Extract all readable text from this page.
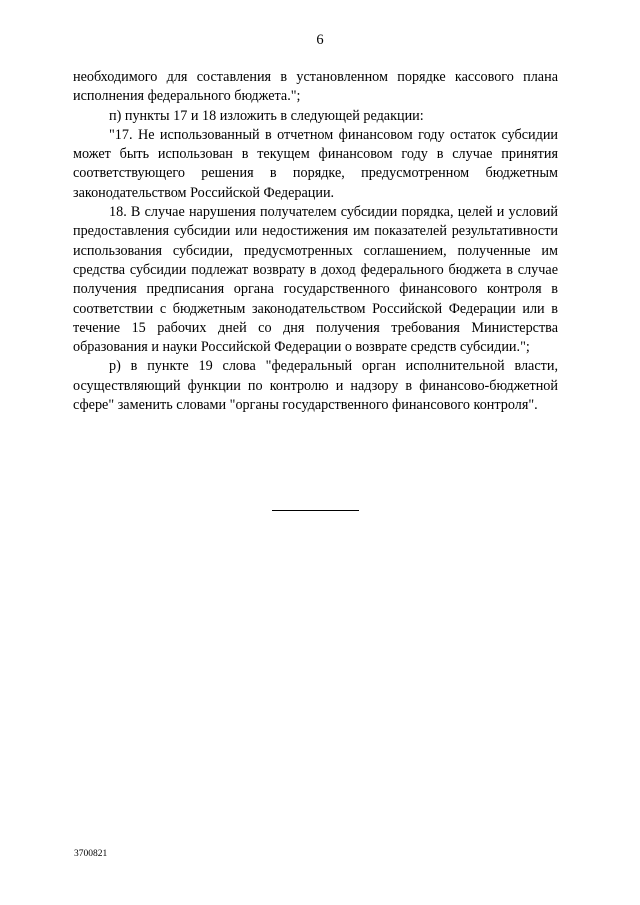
6

необходимого для составления в установленном порядке кассового плана исполнения федерального бюджета.";

п) пункты 17 и 18 изложить в следующей редакции:

"17. Не использованный в отчетном финансовом году остаток субсидии может быть использован в текущем финансовом году в случае принятия соответствующего решения в порядке, предусмотренном бюджетным законодательством Российской Федерации.

18. В случае нарушения получателем субсидии порядка, целей и условий предоставления субсидии или недостижения им показателей результативности использования субсидии, предусмотренных соглашением, полученные им средства субсидии подлежат возврату в доход федерального бюджета в случае получения предписания органа государственного финансового контроля в соответствии с бюджетным законодательством Российской Федерации или в течение 15 рабочих дней со дня получения требования Министерства образования и науки Российской Федерации о возврате средств субсидии.";

р) в пункте 19 слова "федеральный орган исполнительной власти, осуществляющий функции по контролю и надзору в финансово-бюджетной сфере" заменить словами "органы государственного финансового контроля".

3700821
